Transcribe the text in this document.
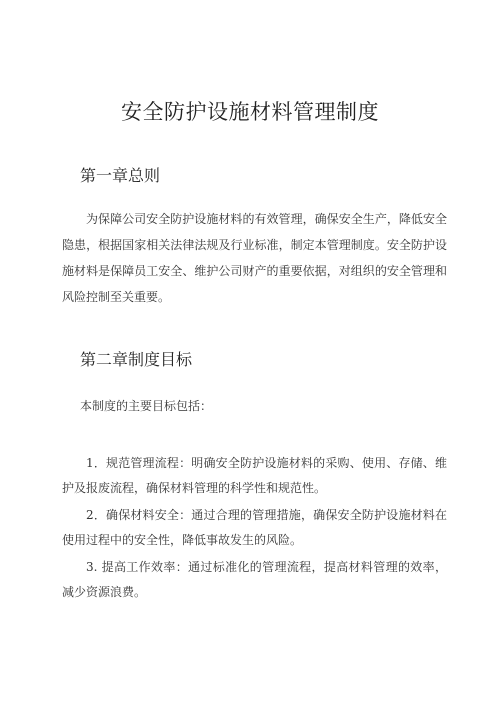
安全防护设施材料管理制度
第一章总则

为保障公司安全防护设施材料的有效管理，确保安全生产，降低安全隐患，根据国家相关法律法规及行业标准，制定本管理制度。安全防护设施材料是保障员工安全、维护公司财产的重要依据，对组织的安全管理和风险控制至关重要。

第二章制度目标
本制度的主要目标包括：

1．规范管理流程：明确安全防护设施材料的采购、使用、存储、维护及报废流程，确保材料管理的科学性和规范性。

2．确保材料安全：通过合理的管理措施，确保安全防护设施材料在使用过程中的安全性，降低事故发生的风险。

3. 提高工作效率：通过标准化的管理流程，提高材料管理的效率，减少资源浪费。
